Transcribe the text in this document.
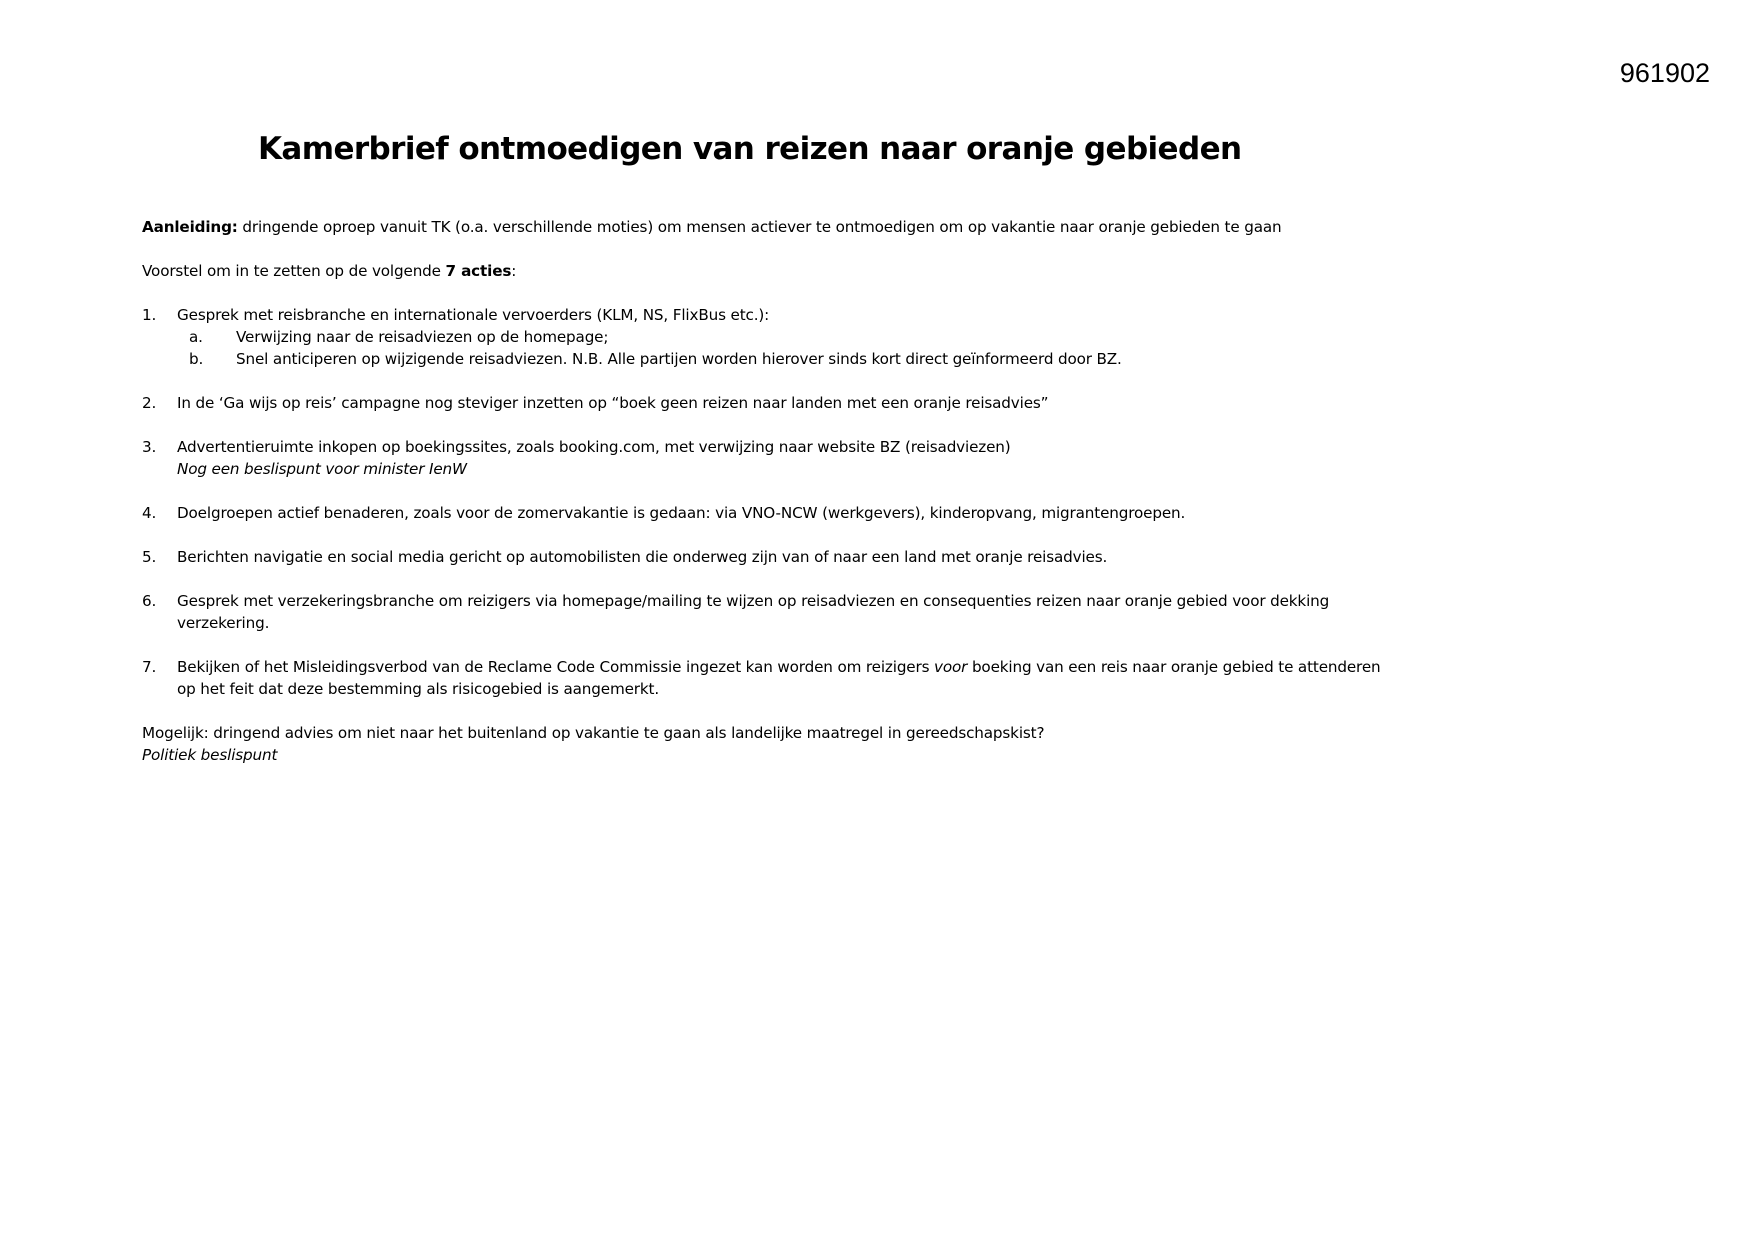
961902
Kamerbrief ontmoedigen van reizen naar oranje gebieden

Aanleiding: dringende oproep vanuit TK (o.a. verschillende moties) om mensen actiever te ontmoedigen om op vakantie naar oranje gebieden te gaan

Voorstel om in te zetten op de volgende 7 acties:

1. Gesprek met reisbranche en internationale vervoerders (KLM, NS, FlixBus etc.):
a. Verwijzing naar de reisadviezen op de homepage;
b. Snel anticiperen op wijzigende reisadviezen. N.B. Alle partijen worden hierover sinds kort direct geïnformeerd door BZ.
2. In de ‘Ga wijs op reis’ campagne nog steviger inzetten op “boek geen reizen naar landen met een oranje reisadvies”
3. Advertentieruimte inkopen op boekingssites, zoals booking.com, met verwijzing naar website BZ (reisadviezen)
Nog een beslispunt voor minister IenW
4. Doelgroepen actief benaderen, zoals voor de zomervakantie is gedaan: via VNO-NCW (werkgevers), kinderopvang, migrantengroepen.
5. Berichten navigatie en social media gericht op automobilisten die onderweg zijn van of naar een land met oranje reisadvies.
6. Gesprek met verzekeringsbranche om reizigers via homepage/mailing te wijzen op reisadviezen en consequenties reizen naar oranje gebied voor dekking verzekering.
7. Bekijken of het Misleidingsverbod van de Reclame Code Commissie ingezet kan worden om reizigers voor boeking van een reis naar oranje gebied te attenderen op het feit dat deze bestemming als risicogebied is aangemerkt.

Mogelijk: dringend advies om niet naar het buitenland op vakantie te gaan als landelijke maatregel in gereedschapskist?
Politiek beslispunt
